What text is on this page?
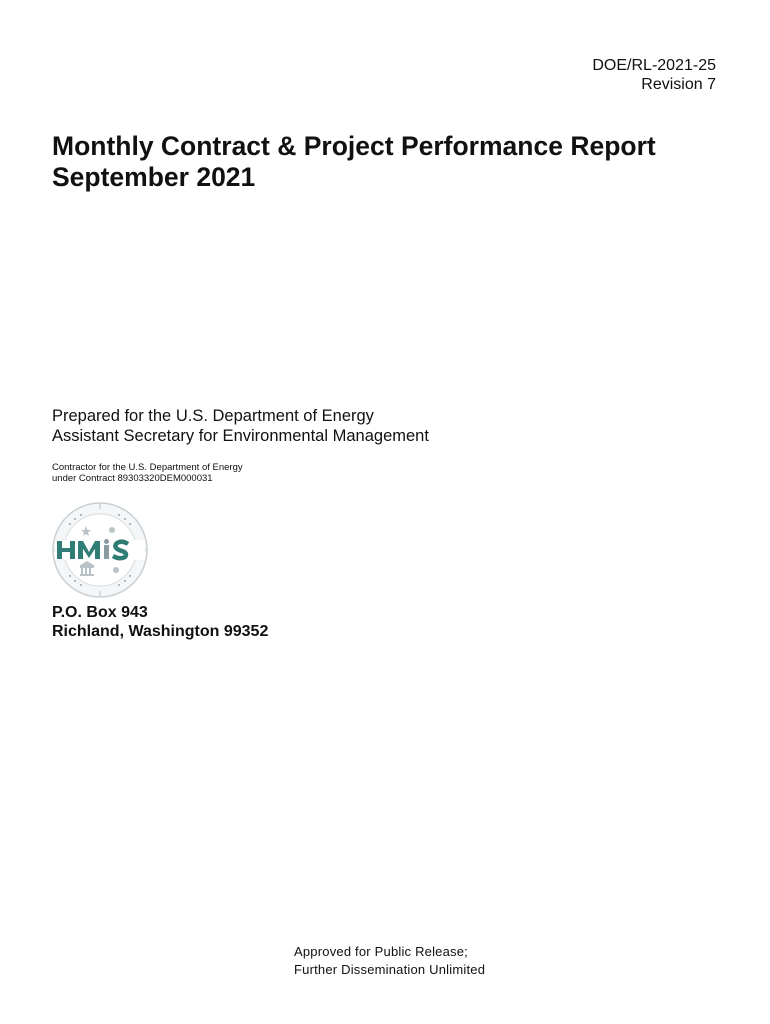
DOE/RL-2021-25
Revision 7
Monthly Contract & Project Performance Report
September 2021
Prepared for the U.S. Department of Energy
Assistant Secretary for Environmental Management
Contractor for the U.S. Department of Energy
under Contract 89303320DEM000031
P.O. Box 943
Richland, Washington 99352
Approved for Public Release;
Further Dissemination Unlimited
